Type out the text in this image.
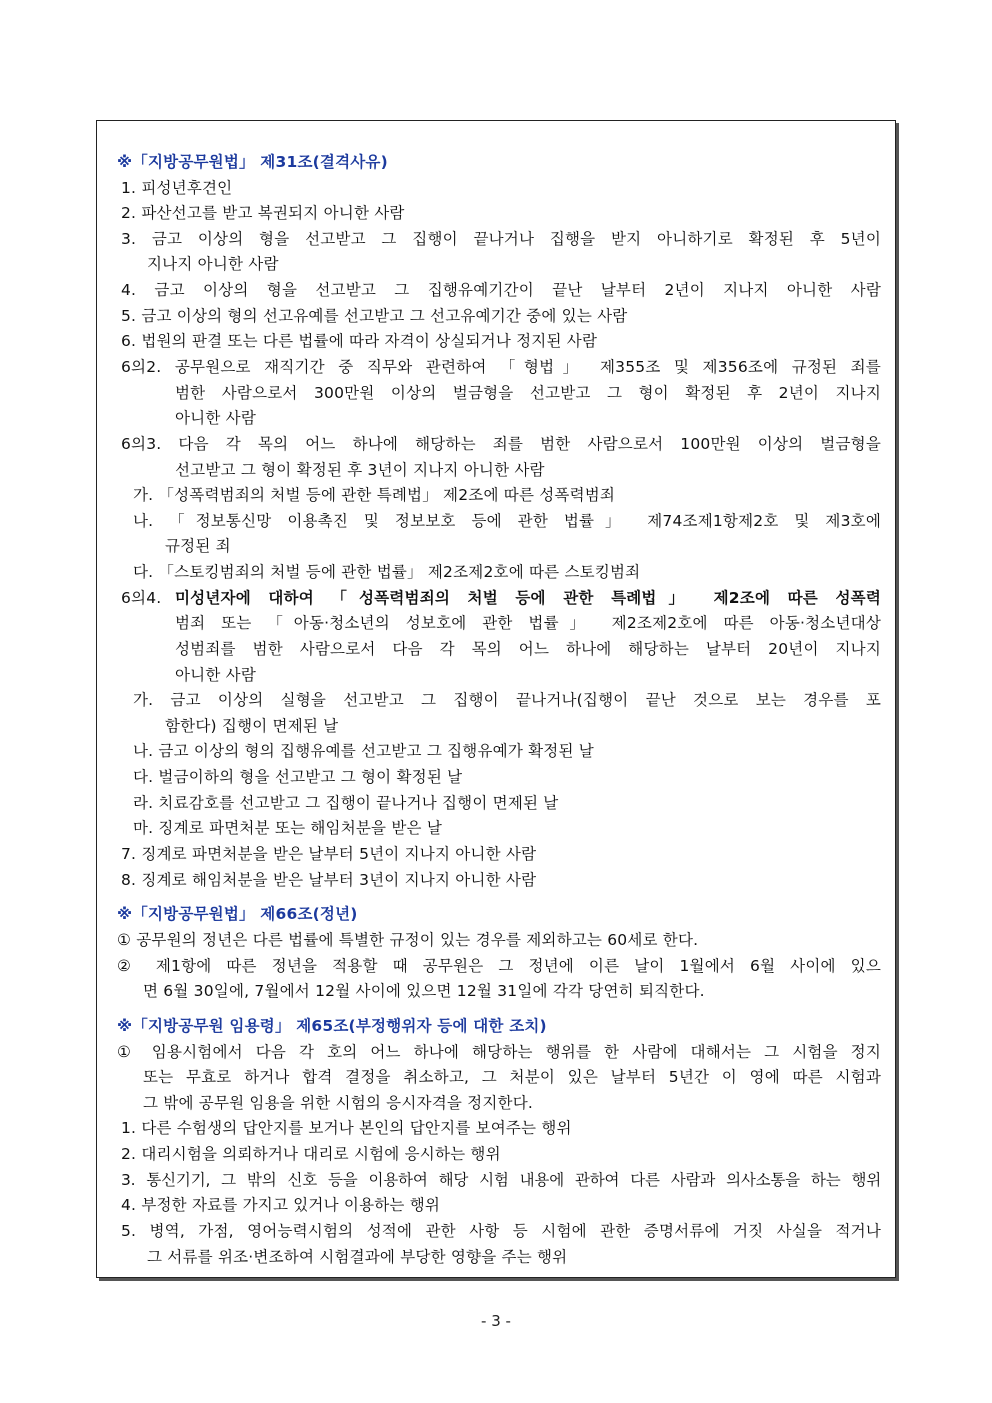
※「지방공무원법」 제31조(결격사유)
1. 피성년후견인
2. 파산선고를 받고 복권되지 아니한 사람
3. 금고 이상의 형을 선고받고 그 집행이 끝나거나 집행을 받지 아니하기로 확정된 후 5년이
지나지 아니한 사람
4. 금고 이상의 형을 선고받고 그 집행유예기간이 끝난 날부터 2년이 지나지 아니한 사람
5. 금고 이상의 형의 선고유예를 선고받고 그 선고유예기간 중에 있는 사람
6. 법원의 판결 또는 다른 법률에 따라 자격이 상실되거나 정지된 사람
6의2. 공무원으로 재직기간 중 직무와 관련하여 「형법」 제355조 및 제356조에 규정된 죄를
범한 사람으로서 300만원 이상의 벌금형을 선고받고 그 형이 확정된 후 2년이 지나지
아니한 사람
6의3. 다음 각 목의 어느 하나에 해당하는 죄를 범한 사람으로서 100만원 이상의 벌금형을
선고받고 그 형이 확정된 후 3년이 지나지 아니한 사람
가. 「성폭력범죄의 처벌 등에 관한 특례법」 제2조에 따른 성폭력범죄
나. 「정보통신망 이용촉진 및 정보보호 등에 관한 법률」 제74조제1항제2호 및 제3호에
규정된 죄
다. 「스토킹범죄의 처벌 등에 관한 법률」 제2조제2호에 따른 스토킹범죄
6의4. 미성년자에 대하여 「성폭력범죄의 처벌 등에 관한 특례법」 제2조에 따른 성폭력
범죄 또는 「아동·청소년의 성보호에 관한 법률」 제2조제2호에 따른 아동·청소년대상
성범죄를 범한 사람으로서 다음 각 목의 어느 하나에 해당하는 날부터 20년이 지나지
아니한 사람
가. 금고 이상의 실형을 선고받고 그 집행이 끝나거나(집행이 끝난 것으로 보는 경우를 포
함한다) 집행이 면제된 날
나. 금고 이상의 형의 집행유예를 선고받고 그 집행유예가 확정된 날
다. 벌금이하의 형을 선고받고 그 형이 확정된 날
라. 치료감호를 선고받고 그 집행이 끝나거나 집행이 면제된 날
마. 징계로 파면처분 또는 해임처분을 받은 날
7. 징계로 파면처분을 받은 날부터 5년이 지나지 아니한 사람
8. 징계로 해임처분을 받은 날부터 3년이 지나지 아니한 사람
※「지방공무원법」 제66조(정년)
① 공무원의 정년은 다른 법률에 특별한 규정이 있는 경우를 제외하고는 60세로 한다.
② 제1항에 따른 정년을 적용할 때 공무원은 그 정년에 이른 날이 1월에서 6월 사이에 있으
면 6월 30일에, 7월에서 12월 사이에 있으면 12월 31일에 각각 당연히 퇴직한다.
※「지방공무원 임용령」 제65조(부정행위자 등에 대한 조치)
① 임용시험에서 다음 각 호의 어느 하나에 해당하는 행위를 한 사람에 대해서는 그 시험을 정지
또는 무효로 하거나 합격 결정을 취소하고, 그 처분이 있은 날부터 5년간 이 영에 따른 시험과
그 밖에 공무원 임용을 위한 시험의 응시자격을 정지한다.
1. 다른 수험생의 답안지를 보거나 본인의 답안지를 보여주는 행위
2. 대리시험을 의뢰하거나 대리로 시험에 응시하는 행위
3. 통신기기, 그 밖의 신호 등을 이용하여 해당 시험 내용에 관하여 다른 사람과 의사소통을 하는 행위
4. 부정한 자료를 가지고 있거나 이용하는 행위
5. 병역, 가점, 영어능력시험의 성적에 관한 사항 등 시험에 관한 증명서류에 거짓 사실을 적거나
그 서류를 위조·변조하여 시험결과에 부당한 영향을 주는 행위
- 3 -
